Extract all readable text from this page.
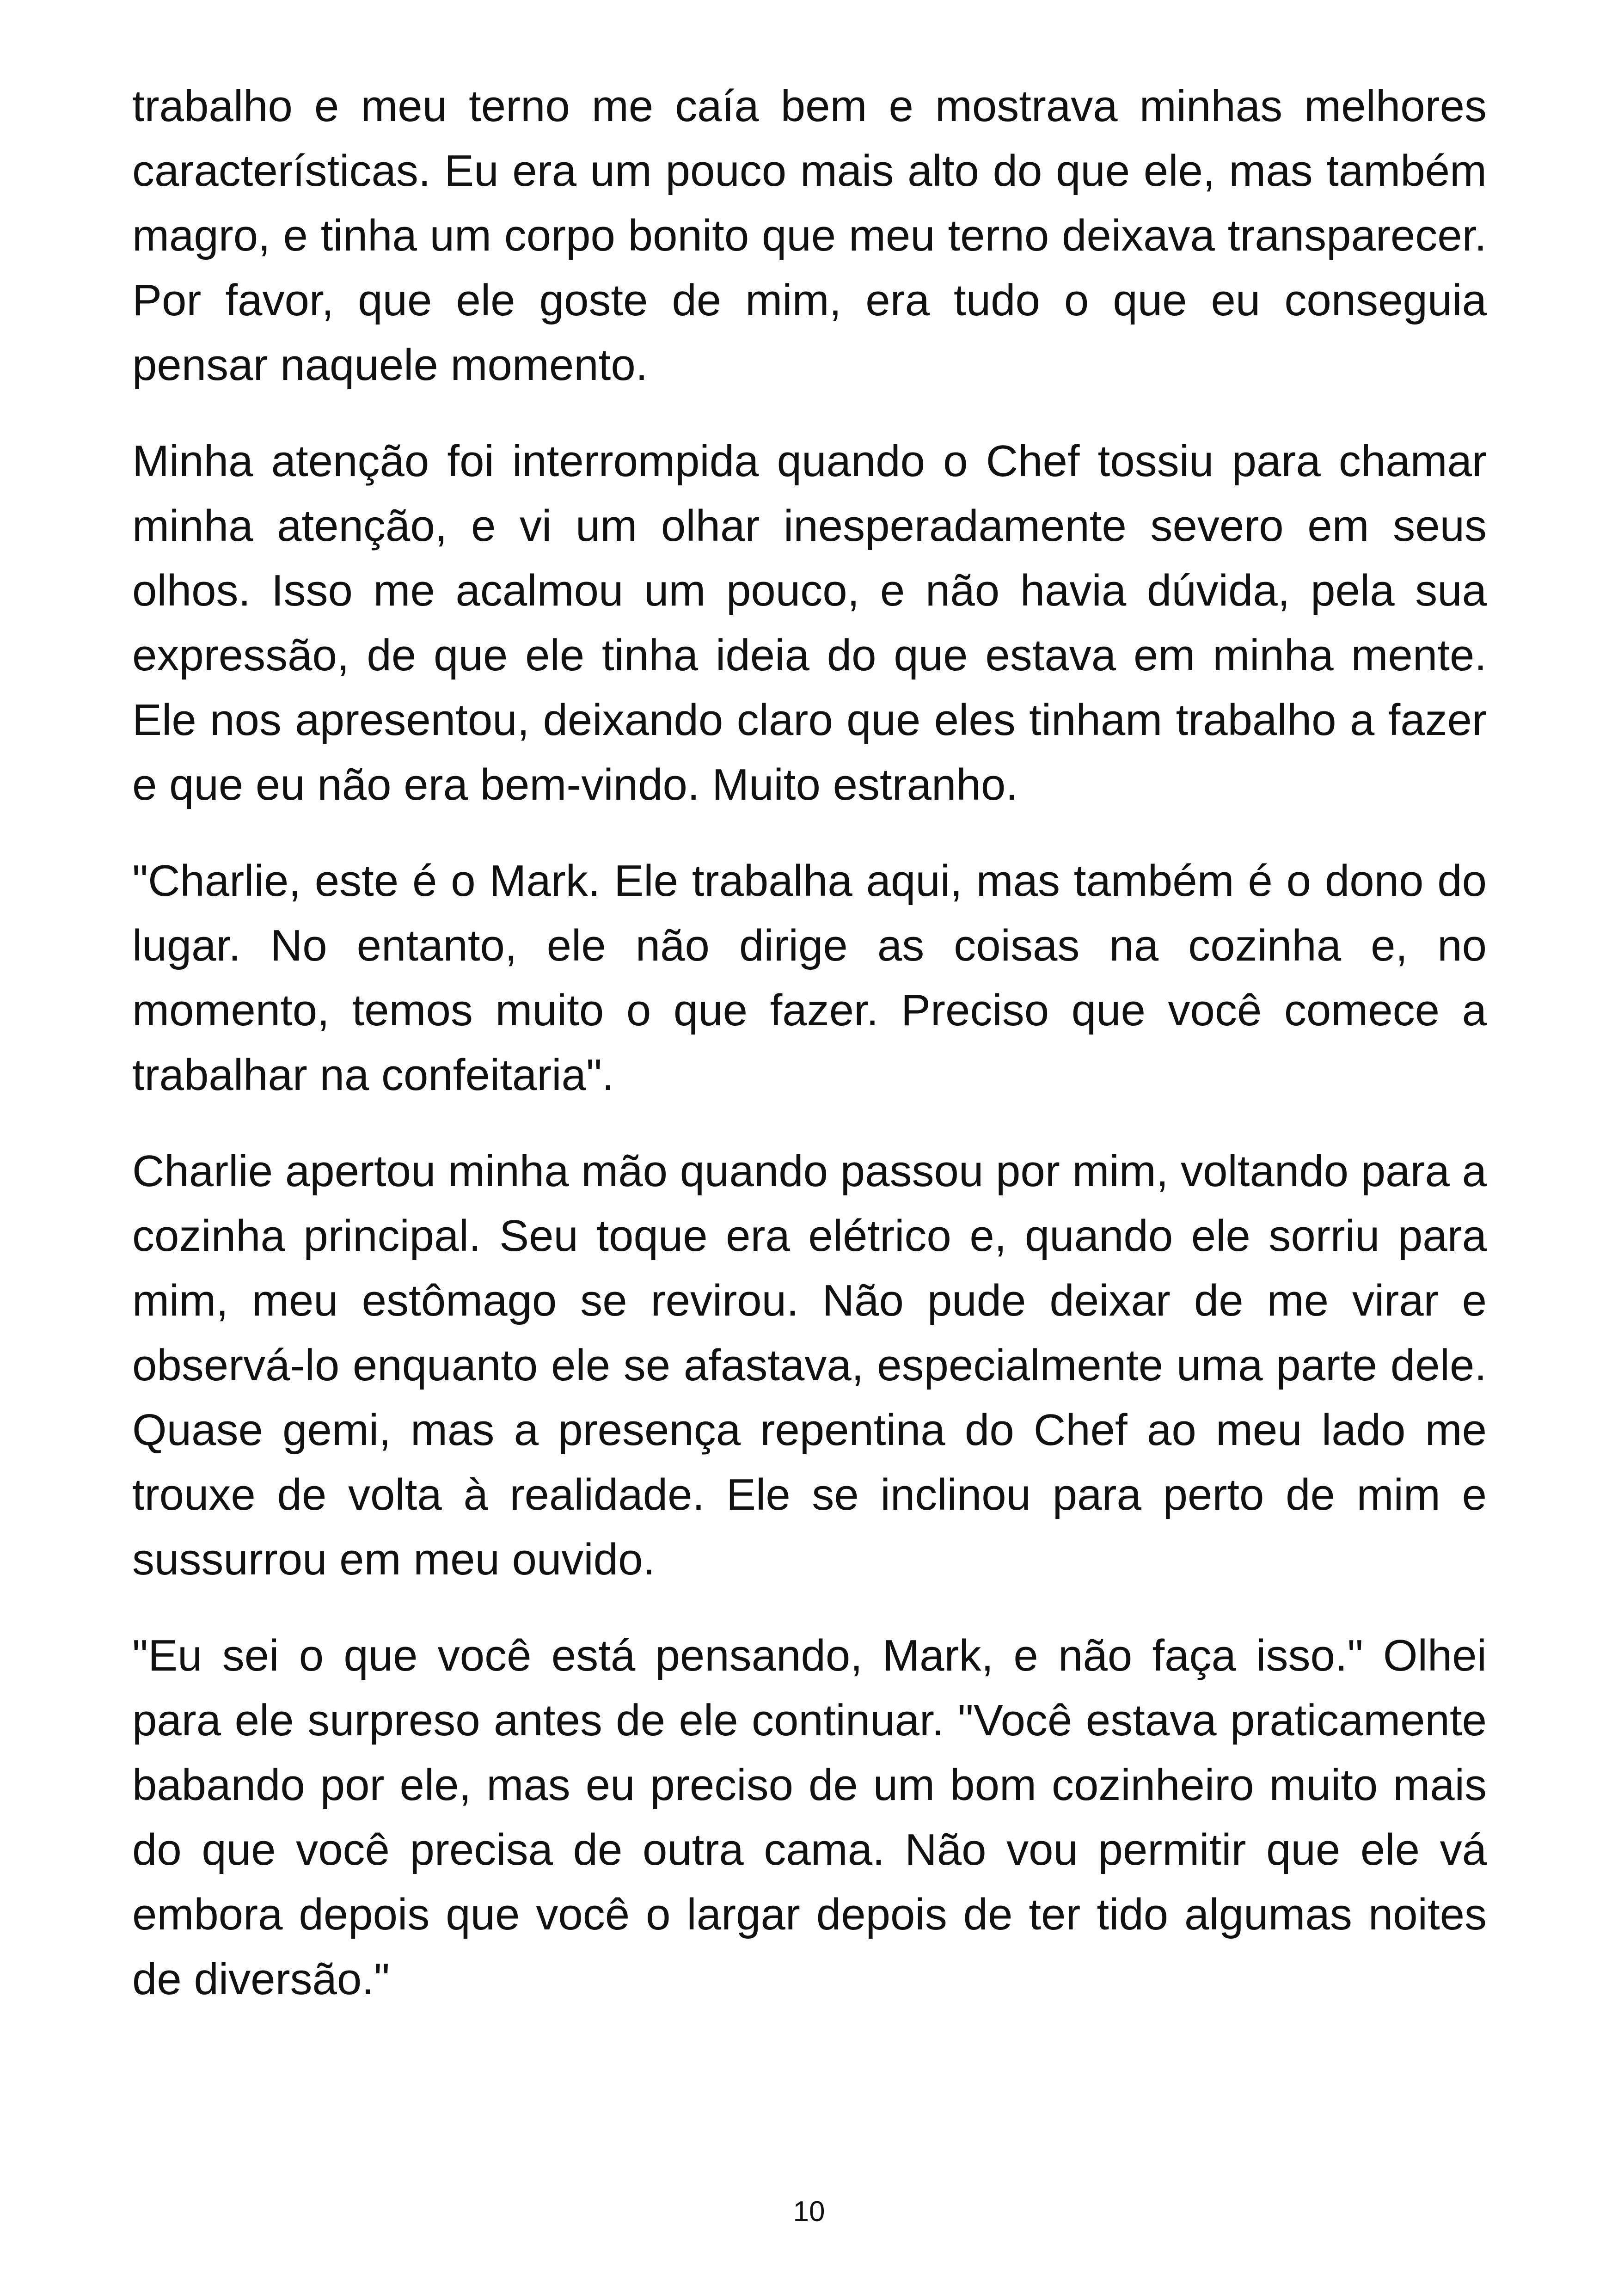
trabalho e meu terno me caía bem e mostrava minhas melhores características. Eu era um pouco mais alto do que ele, mas também magro, e tinha um corpo bonito que meu terno deixava transparecer. Por favor, que ele goste de mim, era tudo o que eu conseguia pensar naquele momento.

Minha atenção foi interrompida quando o Chef tossiu para chamar minha atenção, e vi um olhar inesperadamente severo em seus olhos. Isso me acalmou um pouco, e não havia dúvida, pela sua expressão, de que ele tinha ideia do que estava em minha mente. Ele nos apresentou, deixando claro que eles tinham trabalho a fazer e que eu não era bem-vindo. Muito estranho.

"Charlie, este é o Mark. Ele trabalha aqui, mas também é o dono do lugar. No entanto, ele não dirige as coisas na cozinha e, no momento, temos muito o que fazer. Preciso que você comece a trabalhar na confeitaria".

Charlie apertou minha mão quando passou por mim, voltando para a cozinha principal. Seu toque era elétrico e, quando ele sorriu para mim, meu estômago se revirou. Não pude deixar de me virar e observá-lo enquanto ele se afastava, especialmente uma parte dele. Quase gemi, mas a presença repentina do Chef ao meu lado me trouxe de volta à realidade. Ele se inclinou para perto de mim e sussurrou em meu ouvido.

"Eu sei o que você está pensando, Mark, e não faça isso." Olhei para ele surpreso antes de ele continuar. "Você estava praticamente babando por ele, mas eu preciso de um bom cozinheiro muito mais do que você precisa de outra cama. Não vou permitir que ele vá embora depois que você o largar depois de ter tido algumas noites de diversão."

10
